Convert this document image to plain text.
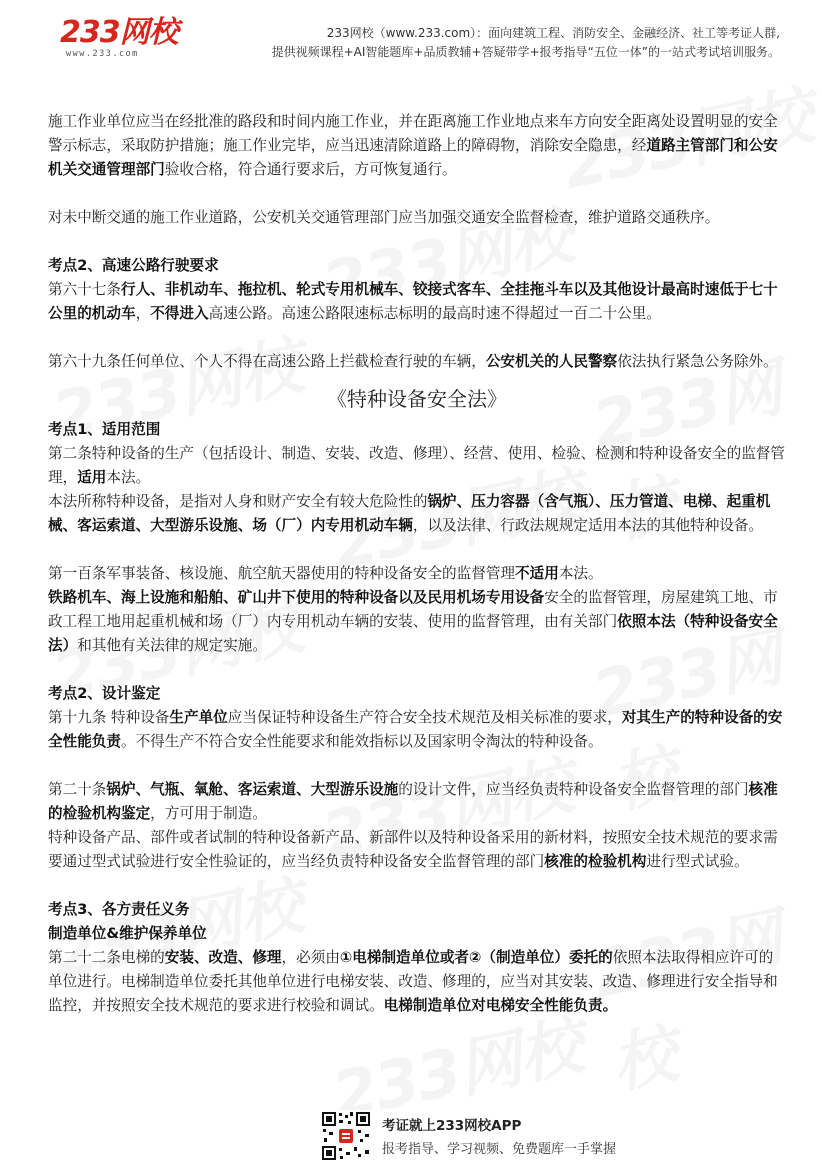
233网校
www.233.com
233网校（www.233.com）：面向建筑工程、消防安全、金融经济、社工等考证人群,
提供视频课程+AI智能题库+品质教辅+答疑带学+报考指导“五位一体”的一站式考试培训服务。

施工作业单位应当在经批准的路段和时间内施工作业，并在距离施工作业地点来车方向安全距离处设置明显的安全警示标志，采取防护措施；施工作业完毕，应当迅速清除道路上的障碍物，消除安全隐患，经道路主管部门和公安机关交通管理部门验收合格，符合通行要求后，方可恢复通行。

对未中断交通的施工作业道路，公安机关交通管理部门应当加强交通安全监督检查，维护道路交通秩序。

考点2、高速公路行驶要求

第六十七条行人、非机动车、拖拉机、轮式专用机械车、铰接式客车、全挂拖斗车以及其他设计最高时速低于七十公里的机动车，不得进入高速公路。高速公路限速标志标明的最高时速不得超过一百二十公里。

第六十九条任何单位、个人不得在高速公路上拦截检查行驶的车辆，公安机关的人民警察依法执行紧急公务除外。

《特种设备安全法》

考点1、适用范围

第二条特种设备的生产（包括设计、制造、安装、改造、修理）、经营、使用、检验、检测和特种设备安全的监督管理，适用本法。

本法所称特种设备，是指对人身和财产安全有较大危险性的锅炉、压力容器（含气瓶）、压力管道、电梯、起重机械、客运索道、大型游乐设施、场（厂）内专用机动车辆，以及法律、行政法规规定适用本法的其他特种设备。

第一百条军事装备、核设施、航空航天器使用的特种设备安全的监督管理不适用本法。

铁路机车、海上设施和船舶、矿山井下使用的特种设备以及民用机场专用设备安全的监督管理，房屋建筑工地、市政工程工地用起重机械和场（厂）内专用机动车辆的安装、使用的监督管理，由有关部门依照本法（特种设备安全法）和其他有关法律的规定实施。

考点2、设计鉴定

第十九条 特种设备生产单位应当保证特种设备生产符合安全技术规范及相关标准的要求，对其生产的特种设备的安全性能负责。不得生产不符合安全性能要求和能效指标以及国家明令淘汰的特种设备。

第二十条锅炉、气瓶、氧舱、客运索道、大型游乐设施的设计文件，应当经负责特种设备安全监督管理的部门核准的检验机构鉴定，方可用于制造。

特种设备产品、部件或者试制的特种设备新产品、新部件以及特种设备采用的新材料，按照安全技术规范的要求需要通过型式试验进行安全性验证的，应当经负责特种设备安全监督管理的部门核准的检验机构进行型式试验。

考点3、各方责任义务

制造单位&维护保养单位

第二十二条电梯的安装、改造、修理，必须由①电梯制造单位或者②（制造单位）委托的依照本法取得相应许可的单位进行。电梯制造单位委托其他单位进行电梯安装、改造、修理的，应当对其安装、改造、修理进行安全指导和监控，并按照安全技术规范的要求进行校验和调试。电梯制造单位对电梯安全性能负责。

考证就上233网校APP
报考指导、学习视频、免费题库一手掌握
